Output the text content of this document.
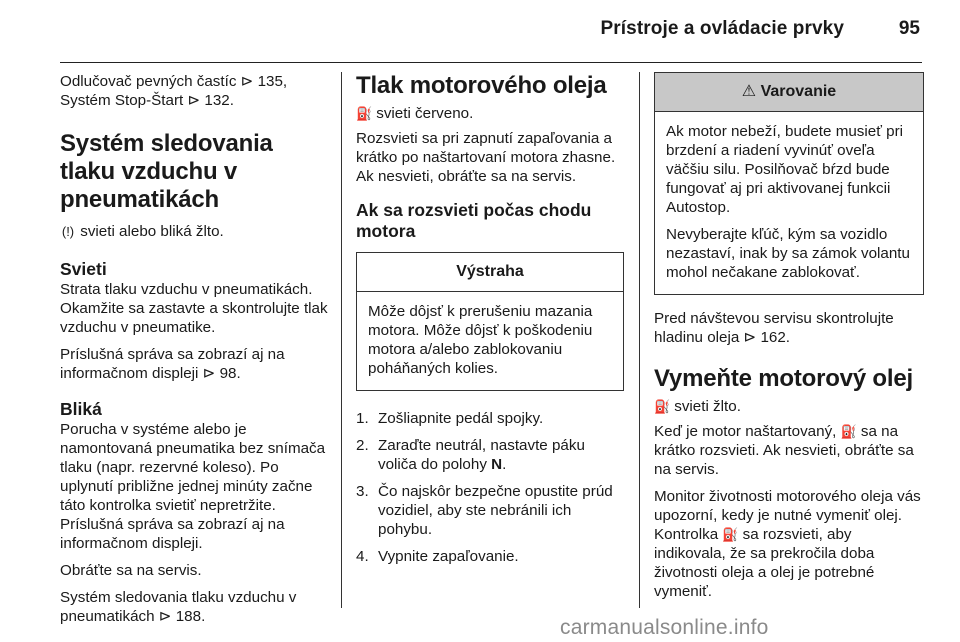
Prístroje a ovládacie prvky	95

Odlučovač pevných častíc ⊳ 135, Systém Stop-Štart ⊳ 132.

Systém sledovania tlaku vzduchu v pneumatikách

(!) svieti alebo bliká žlto.

Svieti

Strata tlaku vzduchu v pneumatikách. Okamžite sa zastavte a skontrolujte tlak vzduchu v pneumatike.

Príslušná správa sa zobrazí aj na informačnom displeji ⊳ 98.

Bliká

Porucha v systéme alebo je namontovaná pneumatika bez snímača tlaku (napr. rezervné koleso). Po uplynutí približne jednej minúty začne táto kontrolka svietiť nepretržite. Príslušná správa sa zobrazí aj na informačnom displeji.

Obráťte sa na servis.

Systém sledovania tlaku vzduchu v pneumatikách ⊳ 188.

Tlak motorového oleja

⛽ svieti červeno.

Rozsvieti sa pri zapnutí zapaľovania a krátko po naštartovaní motora zhasne. Ak nesvieti, obráťte sa na servis.

Ak sa rozsvieti počas chodu motora
Výstraha

Môže dôjsť k prerušeniu mazania motora. Môže dôjsť k poškodeniu motora a/alebo zablokovaniu poháňaných kolies.

1. Zošliapnite pedál spojky.
2. Zaraďte neutrál, nastavte páku voliča do polohy N.
3. Čo najskôr bezpečne opustite prúd vozidiel, aby ste nebránili ich pohybu.
4. Vypnite zapaľovanie.
⚠ Varovanie

Ak motor nebeží, budete musieť pri brzdení a riadení vyvinúť oveľa väčšiu silu. Posilňovač bŕzd bude fungovať aj pri aktivovanej funkcii Autostop.

Nevyberajte kľúč, kým sa vozidlo nezastaví, inak by sa zámok volantu mohol nečakane zablokovať.

Pred návštevou servisu skontrolujte hladinu oleja ⊳ 162.

Vymeňte motorový olej

⛽ svieti žlto.

Keď je motor naštartovaný, ⛽ sa na krátko rozsvieti. Ak nesvieti, obráťte sa na servis.

Monitor životnosti motorového oleja vás upozorní, kedy je nutné vymeniť olej. Kontrolka ⛽ sa rozsvieti, aby indikovala, že sa prekročila doba životnosti oleja a olej je potrebné vymeniť.

carmanualsonline.info
